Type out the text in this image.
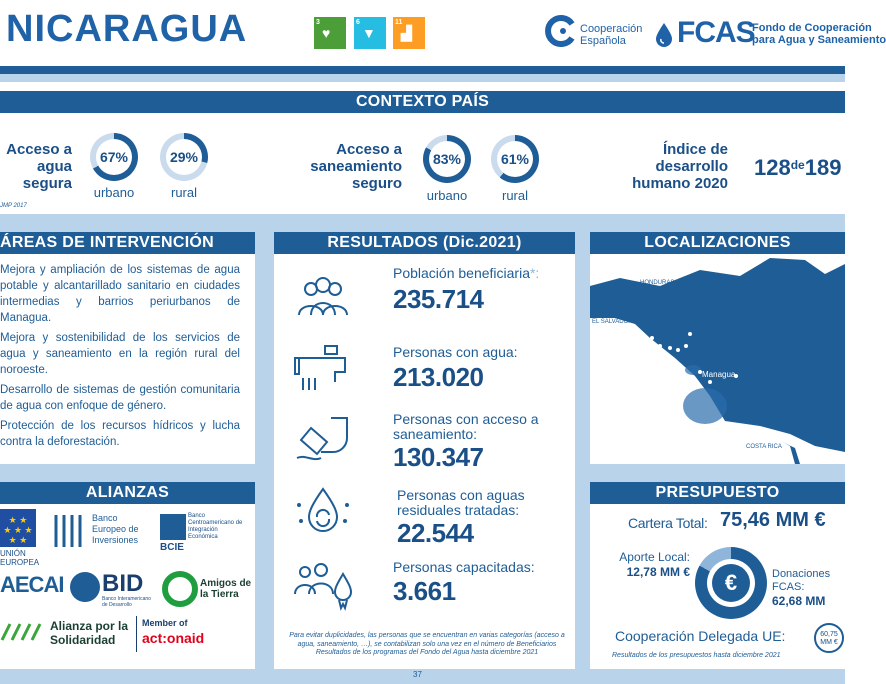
NICARAGUA	3
♥
6
▼
11
▟	Cooperación
Española	FCAS
Fondo de Cooperación
para Agua y Saneamiento
CONTEXTO PAÍS
Acceso a
agua
segura
67%
urbano
29%
rural
Acceso a
saneamiento
seguro
83%
urbano
61%
rural
Índice de
desarrollo
humano 2020
128de189
JMP 2017
ÁREAS DE INTERVENCIÓN

Mejora y ampliación de los sistemas de agua potable y alcantarillado sanitario en ciudades intermedias y barrios periurbanos de Managua.

Mejora y sostenibilidad de los servicios de agua y saneamiento en la región rural del noroeste.

Desarrollo de sistemas de gestión comunitaria de agua con enfoque de género.

Protección de los recursos hídricos y lucha contra la deforestación.

RESULTADOS (Dic.2021)
Población beneficiaria*:
235.714
Personas con agua:
213.020
Personas con acceso a saneamiento:
130.347
Personas con aguas residuales tratadas:
22.544
Personas capacitadas:
3.661
Para evitar duplicidades, las personas que se encuentran en varias categorías (acceso a agua, saneamiento, …), se contabilizan solo una vez en el número de Beneficiarios
Resultados de los programas del Fondo del Agua hasta diciembre 2021
LOCALIZACIONES
HONDURAS
EL SALVADOR
Managua
COSTA RICA
ALIANZAS
★ ★
★ ★ ★
★ ★
UNIÓN EUROPEA
Banco
Europeo de
Inversiones
Banco
Centroamericano de
Integración
Económica
BCIE
AECAI BID
Banco Interamericano
de Desarrollo
Amigos de
la Tierra
Alianza por la
Solidaridad
Member of
act:onaid
PRESUPUESTO
Cartera Total: 75,46 MM €
Aporte Local:
12,78 MM €	€	Donaciones
FCAS:
62,68 MM
Cooperación Delegada UE:	60,75
MM €
Resultados de los presupuestos hasta diciembre 2021
37
